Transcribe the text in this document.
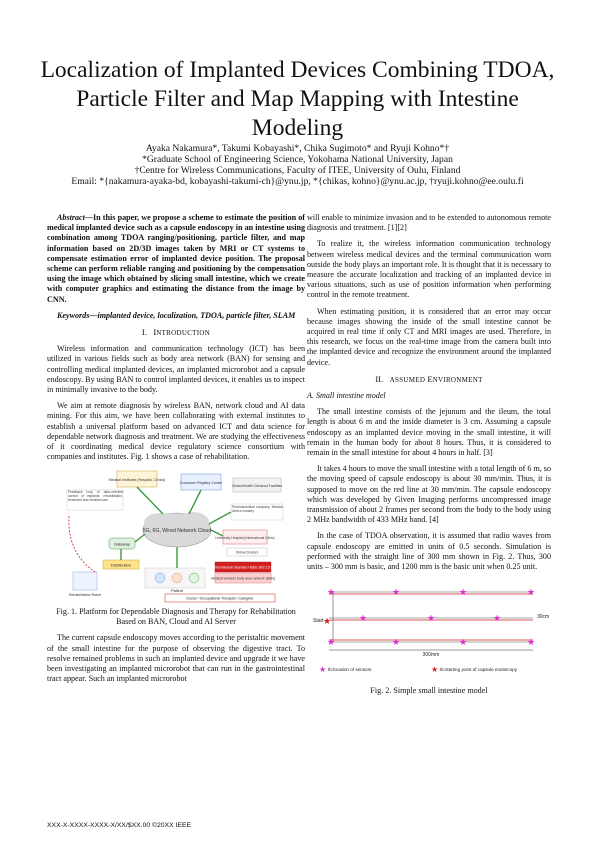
Localization of Implanted Devices Combining TDOA, Particle Filter and Map Mapping with Intestine Modeling
Ayaka Nakamura*, Takumi Kobayashi*, Chika Sugimoto* and Ryuji Kohno*†
*Graduate School of Engineering Science, Yokohama National University, Japan
†Centre for Wireless Communications, Faculty of ITEE, University of Oulu, Finland
Email: *{nakamura-ayaka-bd, kobayashi-takumi-ch}@ynu.jp, *{chikas, kohno}@ynu.ac.jp, †ryuji.kohno@ee.oulu.fi

Abstract—In this paper, we propose a scheme to estimate the position of medical implanted device such as a capsule endoscopy in an intestine using combination among TDOA ranging/positioning, particle filter, and map information based on 2D/3D images taken by MRI or CT systems to compensate estimation error of implanted device position. The proposal scheme can perform reliable ranging and positioning by the compensation using the image which obtained by slicing small intestine, which we create with computer graphics and estimating the distance from the image by CNN.

Keywords—implanted device, localization, TDOA, particle filter, SLAM

I. INTRODUCTION

Wireless information and communication technology (ICT) has been utilized in various fields such as body area network (BAN) for sensing and controlling medical implanted devices, an implanted microrobot and a capsule endoscopy. By using BAN to control implanted devices, it enables us to inspect in minimally invasive to the body.

We aim at remote diagnosis by wireless BAN, network cloud and AI data mining. For this aim, we have been collaborating with external institutes to establish a universal platform based on advanced ICT and data science for dependable network diagnosis and treatment. We are studying the effectiveness of it coordinating medical device regulatory science consortium with companies and institutes. Fig. 1 shows a case of rehabilitation.

5G, 6G, Wired Network Cloud
Medical Institutes (Hospital, Clinics)
Consumer Registry Center
Clinics/Health Checkout Facilities
Feedback loop of data-oriented control of implants, rehabilitation, treatment and medical care
Pharmaceutical company, Medical device industry
Gateway
University Hospital (International Clinic)
Online Doctors
Distribution	International Standard IEEE 802.15.6
Medical wireless body area network (BAN)
Rehabilitation Robot
Patient
Doctor / Occupational Therapist / Caregiver

Fig. 1. Platform for Dependable Diagnosis and Therapy for Rehabilitation Based on BAN, Cloud and AI Server

The current capsule endoscopy moves according to the peristaltic movement of the small intestine for the purpose of observing the digestive tract. To resolve remained problems in such an implanted device and upgrade it we have been investigating an implanted microrobot that can run in the gastrointestinal tract appear. Such an implanted microrobot

will enable to minimize invasion and to be extended to autonomous remote diagnosis and treatment. [1][2]

To realize it, the wireless information communication technology between wireless medical devices and the terminal communication worn outside the body plays an important role. It is thought that it is necessary to measure the accurate localization and tracking of an implanted device in various situations, such as use of position information when performing control in the remote treatment.

When estimating position, it is considered that an error may occur because images showing the inside of the small intestine cannot be acquired in real time if only CT and MRI images are used. Therefore, in this research, we focus on the real-time image from the camera built into the implanted device and recognize the environment around the implanted device.

II. ASSUMED ENVIRONMENT

A. Small intestine model

The small intestine consists of the jejunum and the ileum, the total length is about 6 m and the inside diameter is 3 cm. Assuming a capsule endoscopy as an implanted device moving in the small intestine, it will remain in the human body for about 8 hours. Thus, it is considered to remain in the small intestine for about 4 hours in half. [3]

It takes 4 hours to move the small intestine with a total length of 6 m, so the moving speed of capsule endoscopy is about 30 mm/min. Thus, it is supposed to move on the red line at 30 mm/min. The capsule endoscopy which was developed by Given Imaging performs uncompressed image transmission of about 2 frames per second from the body to the body using 2 MHz bandwidth of 433 MHz band. [4]

In the case of TDOA observation, it is assumed that radio waves from capsule endoscopy are emitted in units of 0.5 seconds. Simulation is performed with the straight line of 300 mm shown in Fig. 2. Thus, 300 units – 300 mm is basic, and 1200 mm is the basic unit when 0.25 unit.

Start
30cm
300mm
★	★	★	★
★	★	★
★	★	★	★
★
★ Ib:location of sensors	★ Ib:starting point of capsule endoscopy

Fig. 2. Simple small intestine model

XXX-X-XXXX-XXXX-X/XX/$XX.00 ©20XX IEEE
